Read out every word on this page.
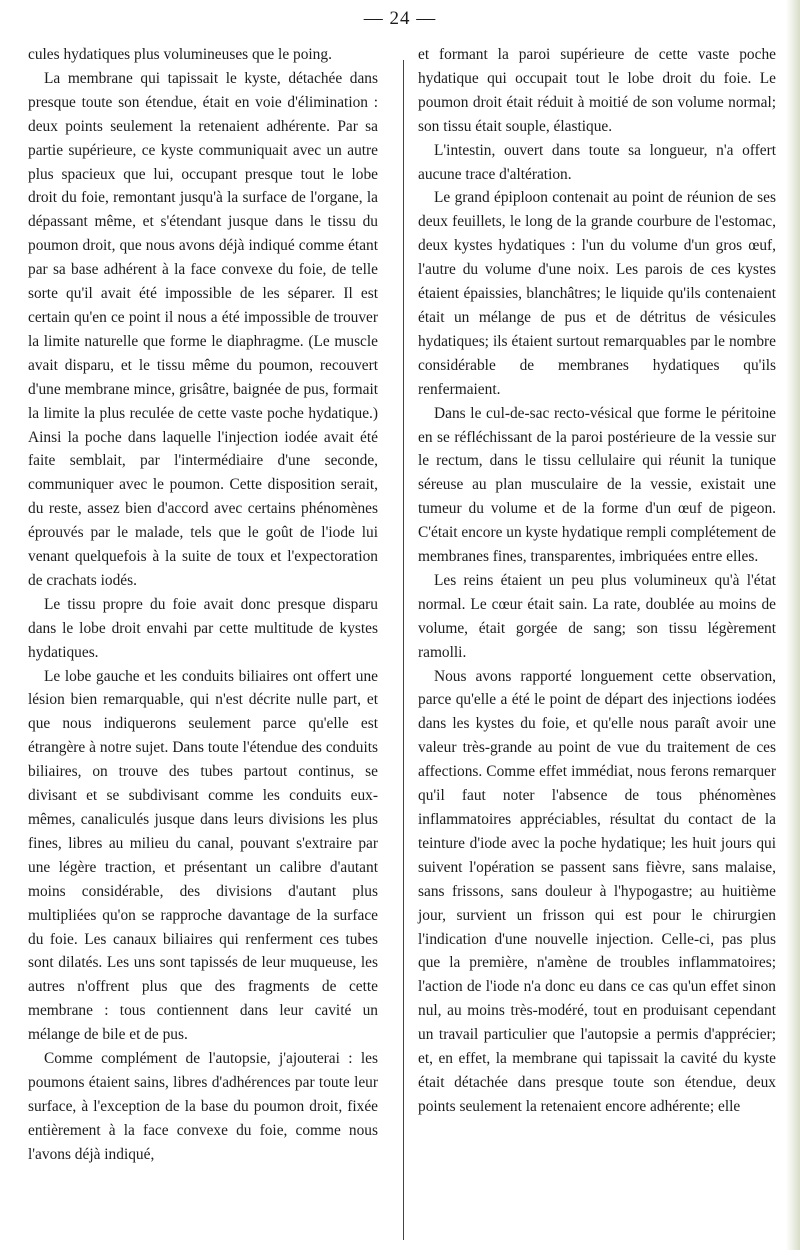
— 24 —

cules hydatiques plus volumineuses que le poing.

La membrane qui tapissait le kyste, détachée dans presque toute son étendue, était en voie d'élimination : deux points seulement la retenaient adhérente. Par sa partie supérieure, ce kyste communiquait avec un autre plus spacieux que lui, occupant presque tout le lobe droit du foie, remontant jusqu'à la surface de l'organe, la dépassant même, et s'étendant jusque dans le tissu du poumon droit, que nous avons déjà indiqué comme étant par sa base adhérent à la face convexe du foie, de telle sorte qu'il avait été impossible de les séparer. Il est certain qu'en ce point il nous a été impossible de trouver la limite naturelle que forme le diaphragme. (Le muscle avait disparu, et le tissu même du poumon, recouvert d'une membrane mince, grisâtre, baignée de pus, formait la limite la plus reculée de cette vaste poche hydatique.) Ainsi la poche dans laquelle l'injection iodée avait été faite semblait, par l'intermédiaire d'une seconde, communiquer avec le poumon. Cette disposition serait, du reste, assez bien d'accord avec certains phénomènes éprouvés par le malade, tels que le goût de l'iode lui venant quelquefois à la suite de toux et l'expectoration de crachats iodés.

Le tissu propre du foie avait donc presque disparu dans le lobe droit envahi par cette multitude de kystes hydatiques.

Le lobe gauche et les conduits biliaires ont offert une lésion bien remarquable, qui n'est décrite nulle part, et que nous indiquerons seulement parce qu'elle est étrangère à notre sujet. Dans toute l'étendue des conduits biliaires, on trouve des tubes partout continus, se divisant et se subdivisant comme les conduits eux-mêmes, canaliculés jusque dans leurs divisions les plus fines, libres au milieu du canal, pouvant s'extraire par une légère traction, et présentant un calibre d'autant moins considérable, des divisions d'autant plus multipliées qu'on se rapproche davantage de la surface du foie. Les canaux biliaires qui renferment ces tubes sont dilatés. Les uns sont tapissés de leur muqueuse, les autres n'offrent plus que des fragments de cette membrane : tous contiennent dans leur cavité un mélange de bile et de pus.

Comme complément de l'autopsie, j'ajouterai : les poumons étaient sains, libres d'adhérences par toute leur surface, à l'exception de la base du poumon droit, fixée entièrement à la face convexe du foie, comme nous l'avons déjà indiqué,

et formant la paroi supérieure de cette vaste poche hydatique qui occupait tout le lobe droit du foie. Le poumon droit était réduit à moitié de son volume normal; son tissu était souple, élastique.

L'intestin, ouvert dans toute sa longueur, n'a offert aucune trace d'altération.

Le grand épiploon contenait au point de réunion de ses deux feuillets, le long de la grande courbure de l'estomac, deux kystes hydatiques : l'un du volume d'un gros œuf, l'autre du volume d'une noix. Les parois de ces kystes étaient épaissies, blanchâtres; le liquide qu'ils contenaient était un mélange de pus et de détritus de vésicules hydatiques; ils étaient surtout remarquables par le nombre considérable de membranes hydatiques qu'ils renfermaient.

Dans le cul-de-sac recto-vésical que forme le péritoine en se réfléchissant de la paroi postérieure de la vessie sur le rectum, dans le tissu cellulaire qui réunit la tunique séreuse au plan musculaire de la vessie, existait une tumeur du volume et de la forme d'un œuf de pigeon. C'était encore un kyste hydatique rempli complétement de membranes fines, transparentes, imbriquées entre elles.

Les reins étaient un peu plus volumineux qu'à l'état normal. Le cœur était sain. La rate, doublée au moins de volume, était gorgée de sang; son tissu légèrement ramolli.

Nous avons rapporté longuement cette observation, parce qu'elle a été le point de départ des injections iodées dans les kystes du foie, et qu'elle nous paraît avoir une valeur très-grande au point de vue du traitement de ces affections. Comme effet immédiat, nous ferons remarquer qu'il faut noter l'absence de tous phénomènes inflammatoires appréciables, résultat du contact de la teinture d'iode avec la poche hydatique; les huit jours qui suivent l'opération se passent sans fièvre, sans malaise, sans frissons, sans douleur à l'hypogastre; au huitième jour, survient un frisson qui est pour le chirurgien l'indication d'une nouvelle injection. Celle-ci, pas plus que la première, n'amène de troubles inflammatoires; l'action de l'iode n'a donc eu dans ce cas qu'un effet sinon nul, au moins très-modéré, tout en produisant cependant un travail particulier que l'autopsie a permis d'apprécier; et, en effet, la membrane qui tapissait la cavité du kyste était détachée dans presque toute son étendue, deux points seulement la retenaient encore adhérente; elle
